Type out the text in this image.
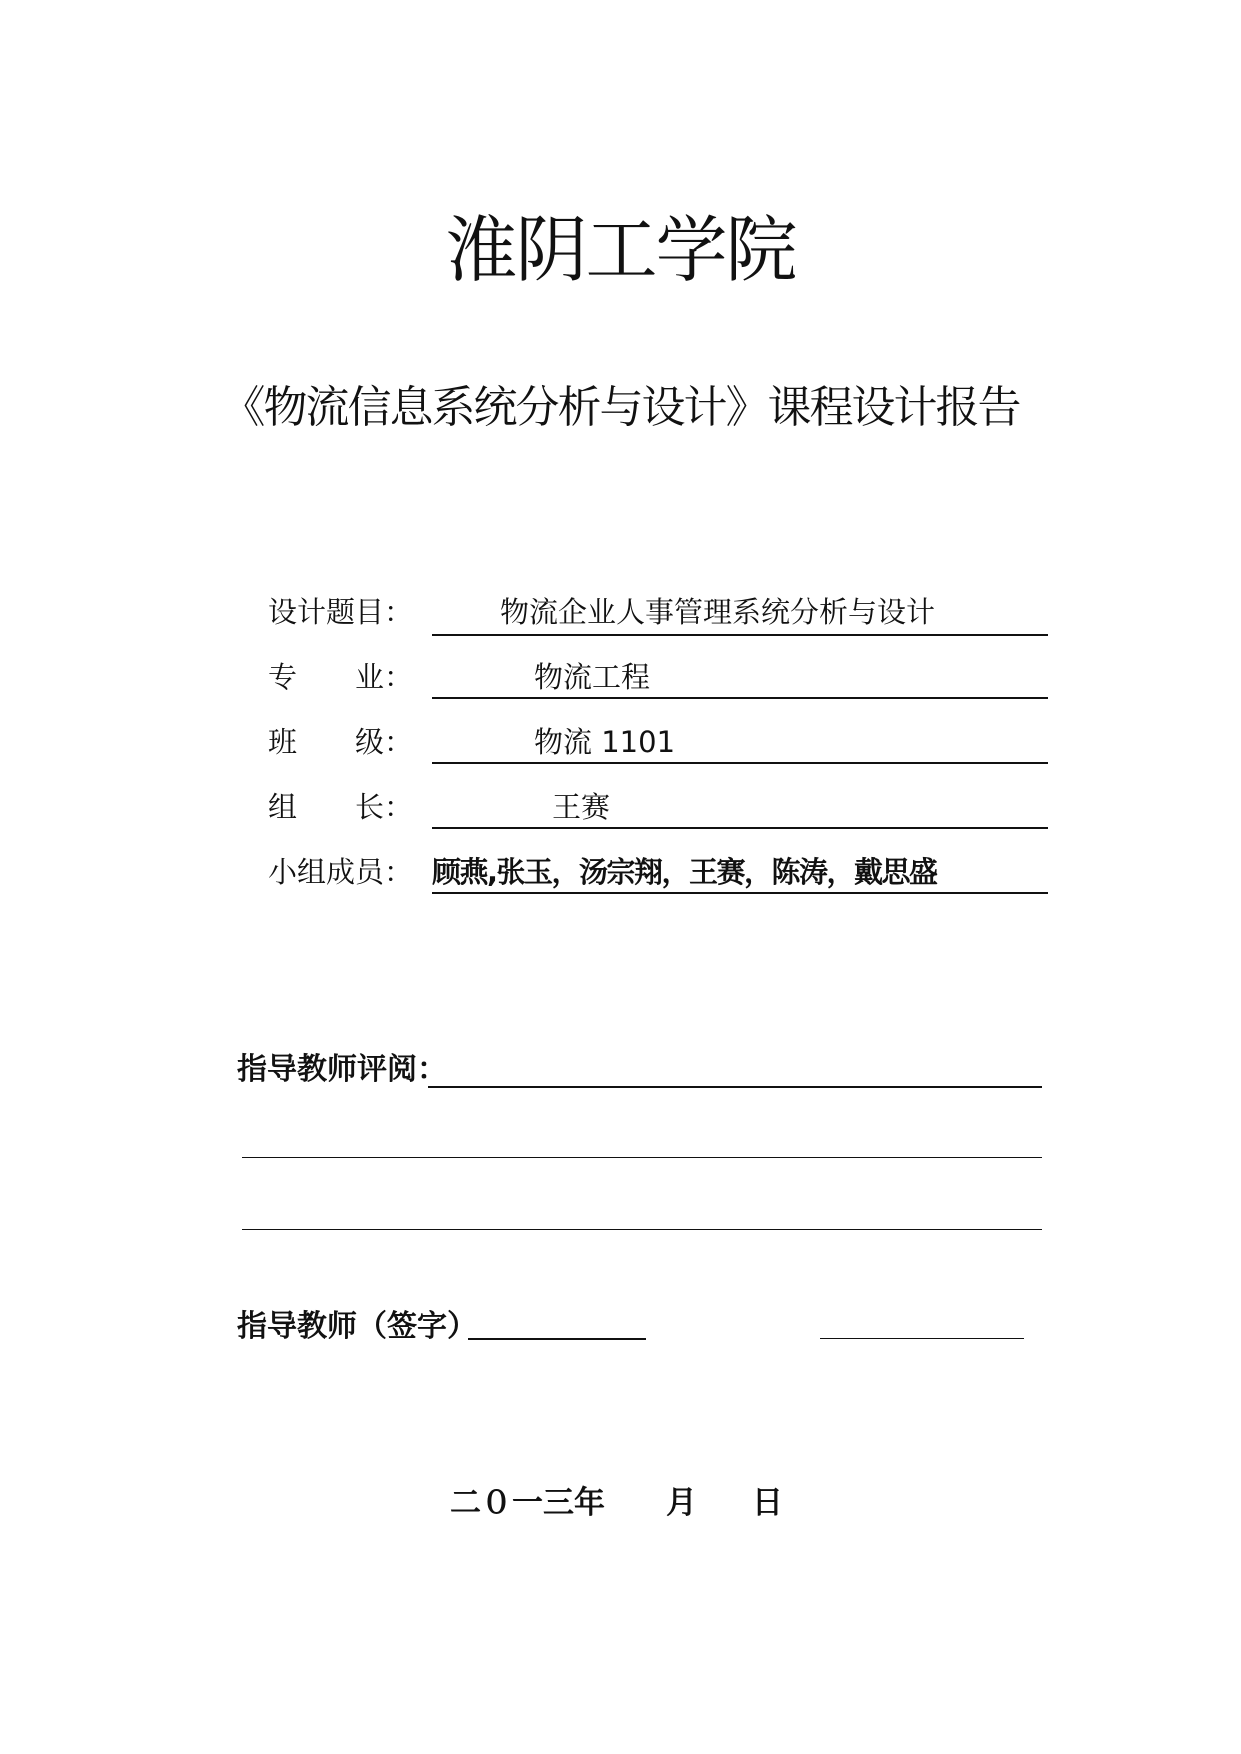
淮阴工学院
《物流信息系统分析与设计》课程设计报告
设计题目：	物流企业人事管理系统分析与设计
专　　业：	物流工程
班　　级：	物流 1101
组　　长：	王赛
小组成员： 顾燕,张玉，汤宗翔，王赛，陈涛，戴思盛
指导教师评阅：
指导教师（签字）
二０一三年 月 日
